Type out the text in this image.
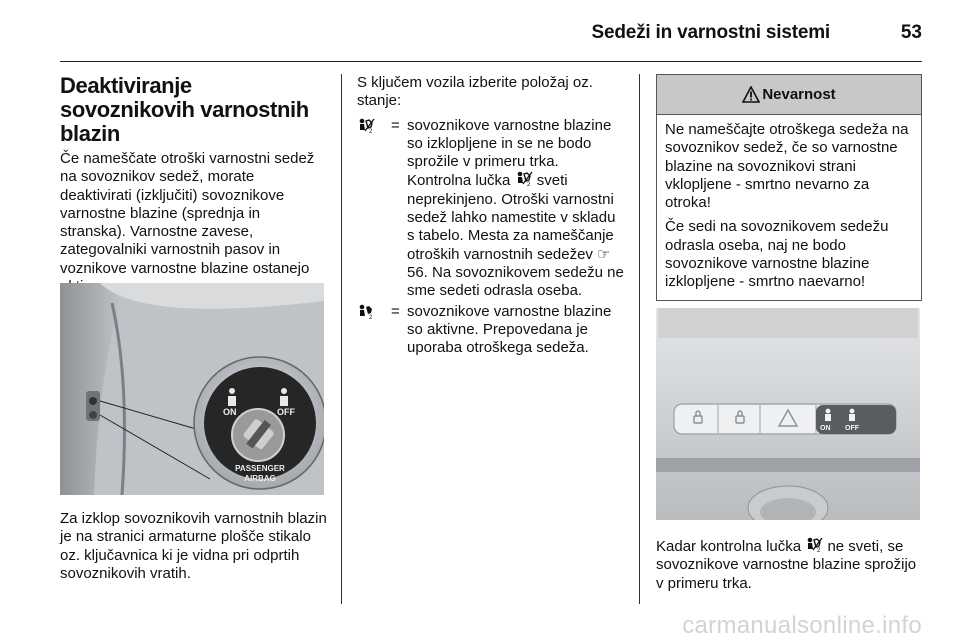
Sedeži in varnostni sistemi	53
Deaktiviranje sovoznikovih varnostnih blazin

Če nameščate otroški varnostni sedež na sovoznikov sedež, morate deaktivirati (izključiti) sovoznikove varnostne blazine (sprednja in stranska). Varnostne zavese, zategovalniki varnostnih pasov in voznikove varnostne blazine ostanejo

ON	OFF
PASSENGER
AIRBAG

Za izklop sovoznikovih varnostnih blazin je na stranici armaturne plošče stikalo oz. ključavnica ki je vidna pri odprtih sovoznikovih vratih.

S ključem vozila izberite položaj oz. stanje:

2 = sovoznikove varnostne blazine so izklopljene in se ne bodo sprožile v primeru trka. Kontrolna lučka	2 sveti neprekinjeno. Otroški varnostni sedež lahko namestite v skladu s tabelo. Mesta za nameščanje otroških varnostnih sedežev ☞ 56. Na sovoznikovem sedežu ne sme sedeti odrasla oseba.
2 = sovoznikove varnostne blazine so aktivne. Prepovedana je uporaba otroškega sedeža.
Nevarnost

Ne nameščajte otroškega sedeža na sovoznikov sedež, če so varnostne blazine na sovoznikovi strani vklopljene - smrtno nevarno za otroka!

Če sedi na sovoznikovem sedežu odrasla oseba, naj ne bodo sovoznikove varnostne blazine izklopljene - smrtno naevarno!

ON OFF

Kadar kontrolna lučka	2 ne sveti, se sovoznikove varnostne blazine sprožijo v primeru trka.

carmanualsonline.info
